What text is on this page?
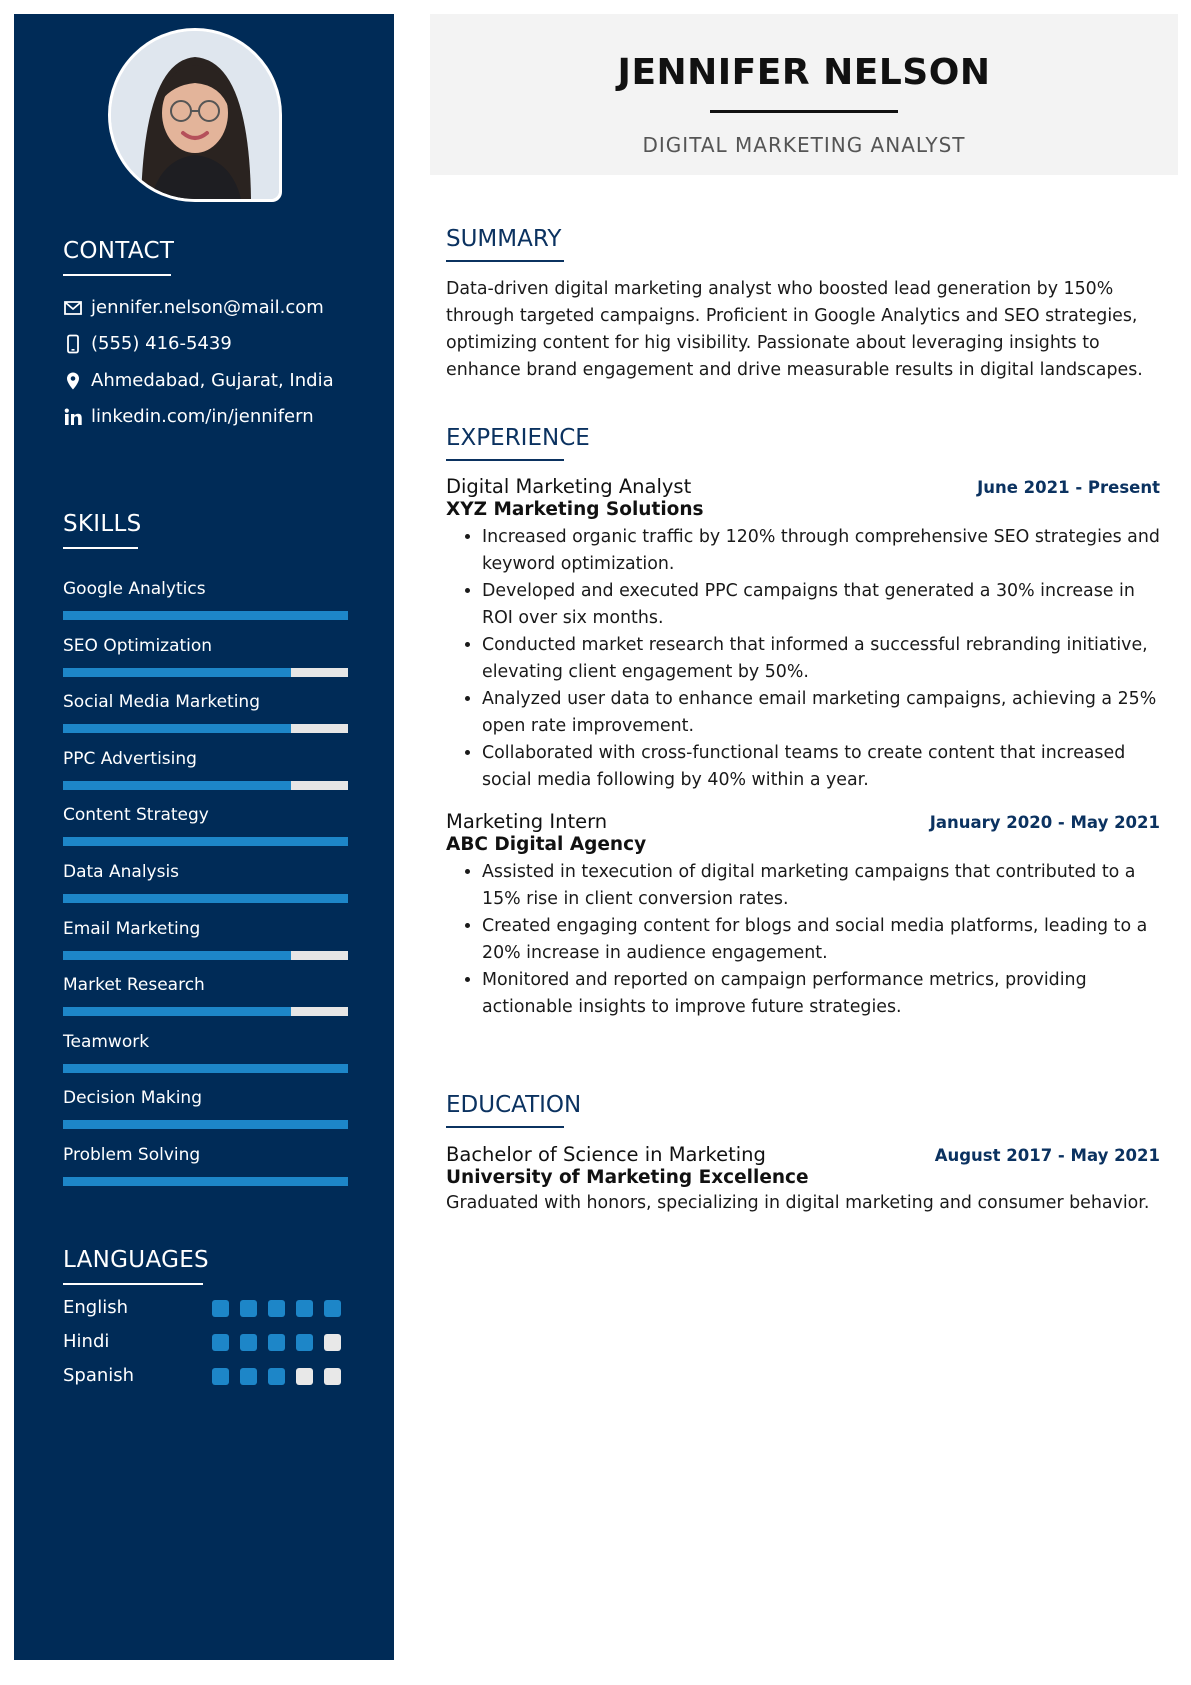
CONTACT
jennifer.nelson@mail.com
(555) 416-5439
Ahmedabad, Gujarat, India
linkedin.com/in/jennifern
SKILLS
Google Analytics
SEO Optimization
Social Media Marketing
PPC Advertising
Content Strategy
Data Analysis
Email Marketing
Market Research
Teamwork
Decision Making
Problem Solving
LANGUAGES
English
Hindi
Spanish
JENNIFER NELSON
DIGITAL MARKETING ANALYST
SUMMARY
Data-driven digital marketing analyst who boosted lead generation by 150% through targeted campaigns. Proficient in Google Analytics and SEO strategies, optimizing content for hig visibility. Passionate about leveraging insights to enhance brand engagement and drive measurable results in digital landscapes.
EXPERIENCE
Digital Marketing Analyst	June 2021 - Present
XYZ Marketing Solutions
• Increased organic traffic by 120% through comprehensive SEO strategies and keyword optimization.
• Developed and executed PPC campaigns that generated a 30% increase in ROI over six months.
• Conducted market research that informed a successful rebranding initiative, elevating client engagement by 50%.
• Analyzed user data to enhance email marketing campaigns, achieving a 25% open rate improvement.
• Collaborated with cross-functional teams to create content that increased social media following by 40% within a year.
Marketing Intern	January 2020 - May 2021
ABC Digital Agency
• Assisted in texecution of digital marketing campaigns that contributed to a 15% rise in client conversion rates.
• Created engaging content for blogs and social media platforms, leading to a 20% increase in audience engagement.
• Monitored and reported on campaign performance metrics, providing actionable insights to improve future strategies.
EDUCATION
Bachelor of Science in Marketing	August 2017 - May 2021
University of Marketing Excellence
Graduated with honors, specializing in digital marketing and consumer behavior.
